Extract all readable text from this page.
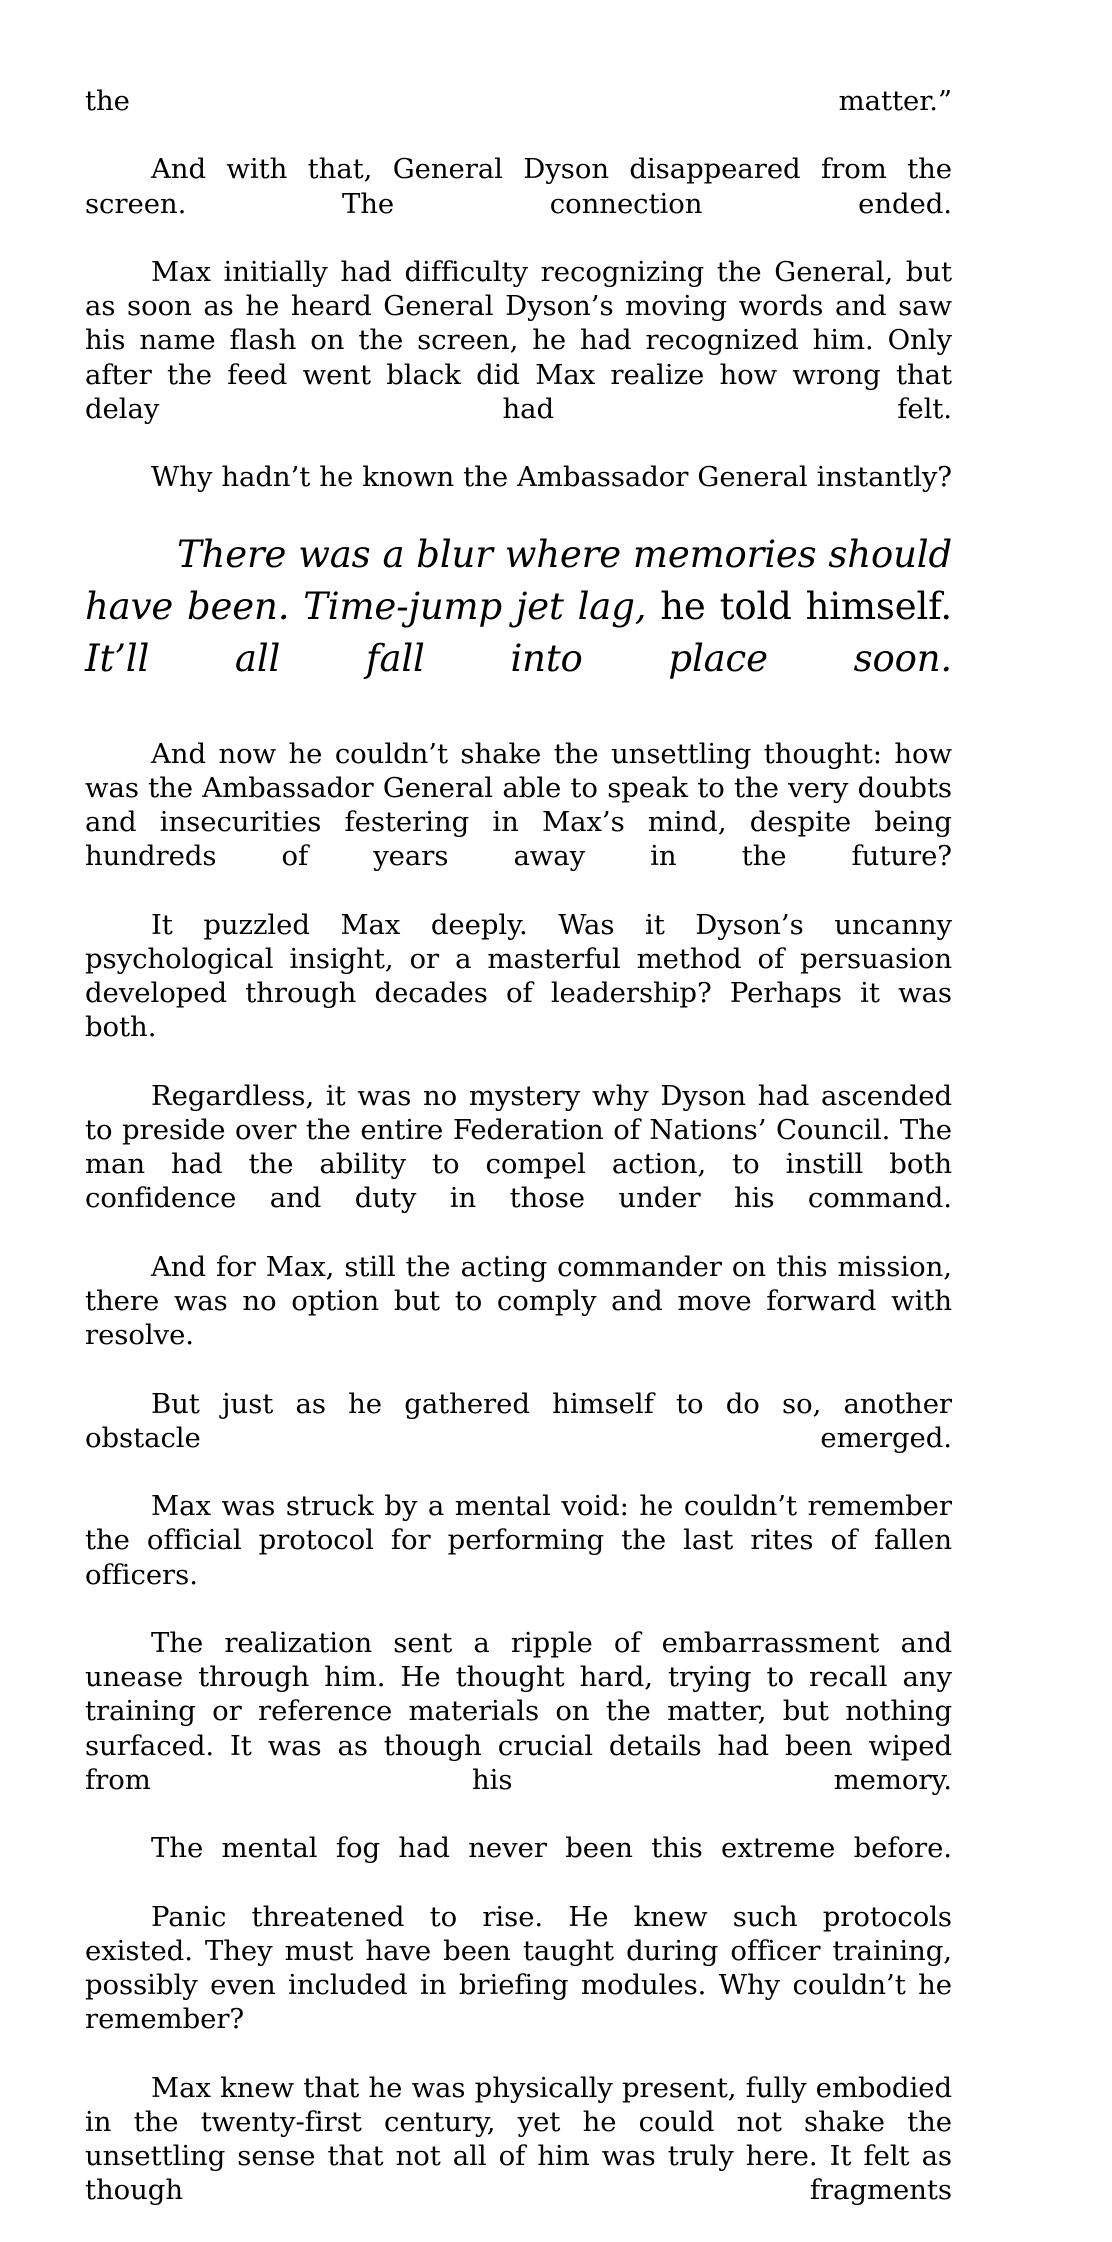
the matter.”

And with that, General Dyson disappeared from the screen. The connection ended.

Max initially had difficulty recognizing the General, but as soon as he heard General Dyson’s moving words and saw his name flash on the screen, he had recognized him. Only after the feed went black did Max realize how wrong that delay had felt.

Why hadn’t he known the Ambassador General instantly?

There was a blur where memories should have been. Time-jump jet lag, he told himself. It’ll all fall into place soon.

And now he couldn’t shake the unsettling thought: how was the Ambassador General able to speak to the very doubts and insecurities festering in Max’s mind, despite being hundreds of years away in the future?

It puzzled Max deeply. Was it Dyson’s uncanny psychological insight, or a masterful method of persuasion developed through decades of leadership? Perhaps it was both.

Regardless, it was no mystery why Dyson had ascended to preside over the entire Federation of Nations’ Council. The man had the ability to compel action, to instill both confidence and duty in those under his command.

And for Max, still the acting commander on this mission, there was no option but to comply and move forward with resolve.

But just as he gathered himself to do so, another obstacle emerged.

Max was struck by a mental void: he couldn’t remember the official protocol for performing the last rites of fallen officers.

The realization sent a ripple of embarrassment and unease through him. He thought hard, trying to recall any training or reference materials on the matter, but nothing surfaced. It was as though crucial details had been wiped from his memory.

The mental fog had never been this extreme before.

Panic threatened to rise. He knew such protocols existed. They must have been taught during officer training, possibly even included in briefing modules. Why couldn’t he remember?

Max knew that he was physically present, fully embodied in the twenty-first century, yet he could not shake the unsettling sense that not all of him was truly here. It felt as though fragments
